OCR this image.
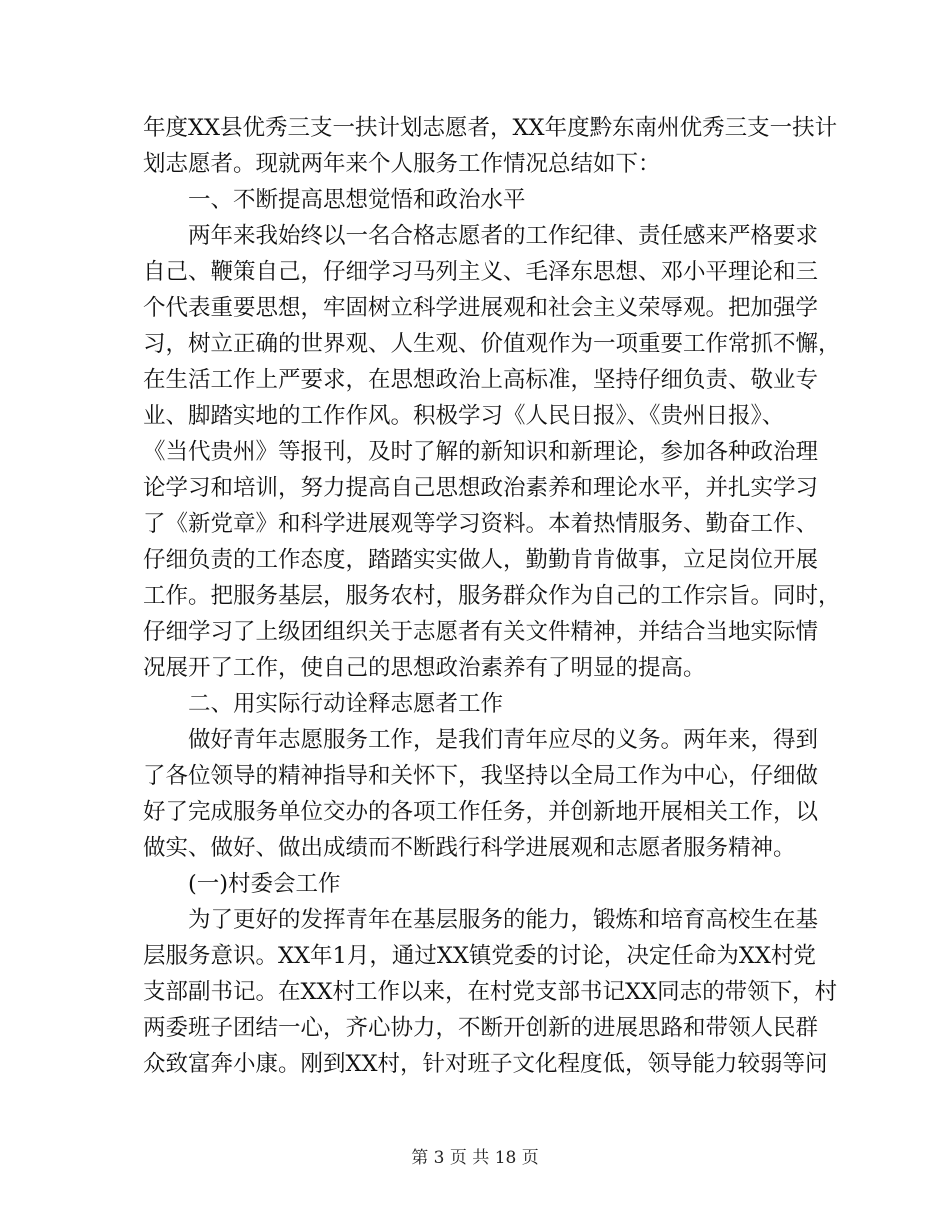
年度XX县优秀三支一扶计划志愿者，XX年度黔东南州优秀三支一扶计
划志愿者。现就两年来个人服务工作情况总结如下：
一、不断提高思想觉悟和政治水平
两年来我始终以一名合格志愿者的工作纪律、责任感来严格要求
自己、鞭策自己，仔细学习马列主义、毛泽东思想、邓小平理论和三
个代表重要思想，牢固树立科学进展观和社会主义荣辱观。把加强学
习，树立正确的世界观、人生观、价值观作为一项重要工作常抓不懈，
在生活工作上严要求，在思想政治上高标准，坚持仔细负责、敬业专
业、脚踏实地的工作作风。积极学习《人民日报》、《贵州日报》、
《当代贵州》等报刊，及时了解的新知识和新理论，参加各种政治理
论学习和培训，努力提高自己思想政治素养和理论水平，并扎实学习
了《新党章》和科学进展观等学习资料。本着热情服务、勤奋工作、
仔细负责的工作态度，踏踏实实做人，勤勤肯肯做事，立足岗位开展
工作。把服务基层，服务农村，服务群众作为自己的工作宗旨。同时，
仔细学习了上级团组织关于志愿者有关文件精神，并结合当地实际情
况展开了工作，使自己的思想政治素养有了明显的提高。
二、用实际行动诠释志愿者工作
做好青年志愿服务工作，是我们青年应尽的义务。两年来，得到
了各位领导的精神指导和关怀下，我坚持以全局工作为中心，仔细做
好了完成服务单位交办的各项工作任务，并创新地开展相关工作，以
做实、做好、做出成绩而不断践行科学进展观和志愿者服务精神。
(一)村委会工作
为了更好的发挥青年在基层服务的能力，锻炼和培育高校生在基
层服务意识。XX年1月，通过XX镇党委的讨论，决定任命为XX村党
支部副书记。在XX村工作以来，在村党支部书记XX同志的带领下，村
两委班子团结一心，齐心协力，不断开创新的进展思路和带领人民群
众致富奔小康。刚到XX村，针对班子文化程度低，领导能力较弱等问
第 3 页 共 18 页
